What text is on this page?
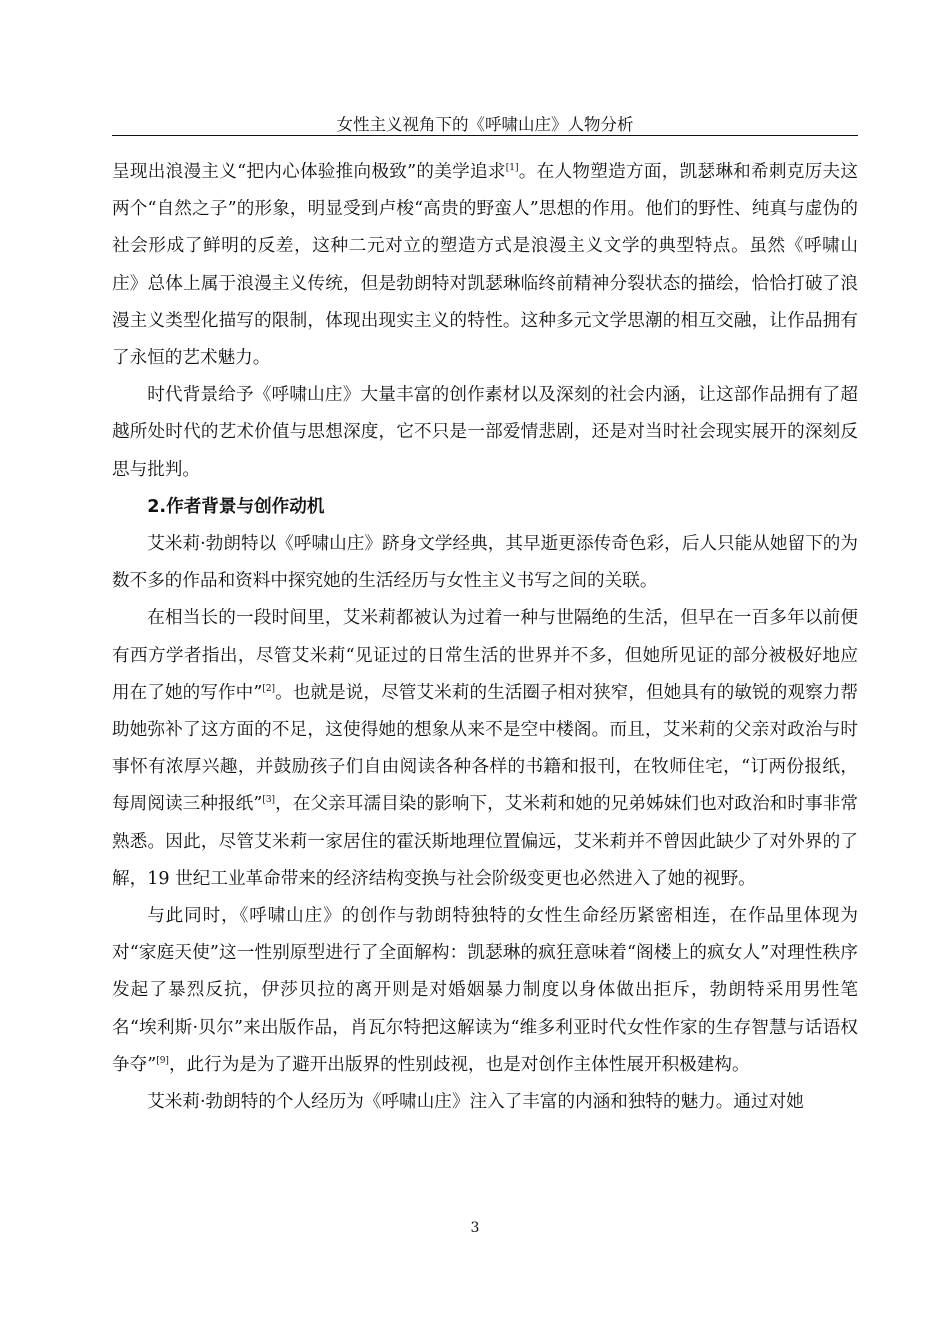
女性主义视角下的《呼啸山庄》人物分析

呈现出浪漫主义“把内心体验推向极致”的美学追求[1]。在人物塑造方面，凯瑟琳和希刺克厉夫这两个“自然之子”的形象，明显受到卢梭“高贵的野蛮人”思想的作用。他们的野性、纯真与虚伪的社会形成了鲜明的反差，这种二元对立的塑造方式是浪漫主义文学的典型特点。虽然《呼啸山庄》总体上属于浪漫主义传统，但是勃朗特对凯瑟琳临终前精神分裂状态的描绘，恰恰打破了浪漫主义类型化描写的限制，体现出现实主义的特性。这种多元文学思潮的相互交融，让作品拥有了永恒的艺术魅力。

时代背景给予《呼啸山庄》大量丰富的创作素材以及深刻的社会内涵，让这部作品拥有了超越所处时代的艺术价值与思想深度，它不只是一部爱情悲剧，还是对当时社会现实展开的深刻反思与批判。

2.作者背景与创作动机

艾米莉·勃朗特以《呼啸山庄》跻身文学经典，其早逝更添传奇色彩，后人只能从她留下的为数不多的作品和资料中探究她的生活经历与女性主义书写之间的关联。

在相当长的一段时间里，艾米莉都被认为过着一种与世隔绝的生活，但早在一百多年以前便有西方学者指出，尽管艾米莉“见证过的日常生活的世界并不多，但她所见证的部分被极好地应用在了她的写作中”[2]。也就是说，尽管艾米莉的生活圈子相对狭窄，但她具有的敏锐的观察力帮助她弥补了这方面的不足，这使得她的想象从来不是空中楼阁。而且，艾米莉的父亲对政治与时事怀有浓厚兴趣，并鼓励孩子们自由阅读各种各样的书籍和报刊，在牧师住宅，“订两份报纸，每周阅读三种报纸”[3]，在父亲耳濡目染的影响下，艾米莉和她的兄弟姊妹们也对政治和时事非常熟悉。因此，尽管艾米莉一家居住的霍沃斯地理位置偏远，艾米莉并不曾因此缺少了对外界的了解，19 世纪工业革命带来的经济结构变换与社会阶级变更也必然进入了她的视野。

与此同时，《呼啸山庄》的创作与勃朗特独特的女性生命经历紧密相连，在作品里体现为对“家庭天使”这一性别原型进行了全面解构：凯瑟琳的疯狂意味着“阁楼上的疯女人”对理性秩序发起了暴烈反抗，伊莎贝拉的离开则是对婚姻暴力制度以身体做出拒斥，勃朗特采用男性笔名“埃利斯·贝尔”来出版作品，肖瓦尔特把这解读为“维多利亚时代女性作家的生存智慧与话语权争夺”[9]，此行为是为了避开出版界的性别歧视，也是对创作主体性展开积极建构。

艾米莉·勃朗特的个人经历为《呼啸山庄》注入了丰富的内涵和独特的魅力。通过对她

3
